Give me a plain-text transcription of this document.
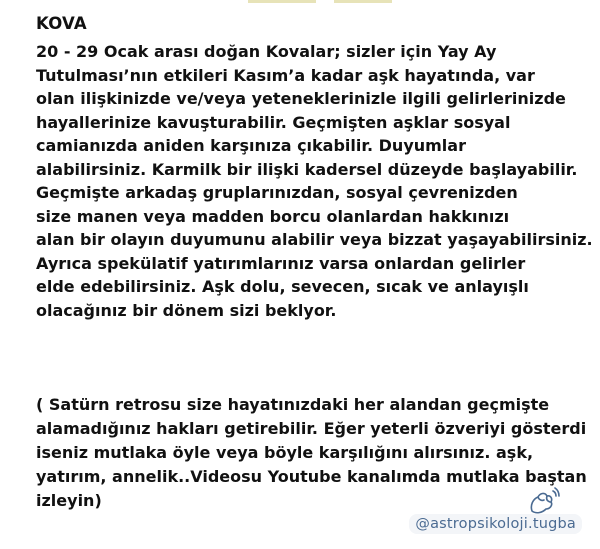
KOVA
20 - 29 Ocak arası doğan Kovalar; sizler için Yay Ay
Tutulması’nın etkileri Kasım’a kadar aşk hayatında, var
olan ilişkinizde ve/veya yeteneklerinizle ilgili gelirlerinizde
hayallerinize kavuşturabilir. Geçmişten aşklar sosyal
camianızda aniden karşınıza çıkabilir. Duyumlar
alabilirsiniz. Karmilk bir ilişki kadersel düzeyde başlayabilir.
Geçmişte arkadaş gruplarınızdan, sosyal çevrenizden
size manen veya madden borcu olanlardan hakkınızı
alan bir olayın duyumunu alabilir veya bizzat yaşayabilirsiniz.
Ayrıca spekülatif yatırımlarınız varsa onlardan gelirler
elde edebilirsiniz. Aşk dolu, sevecen, sıcak ve anlayışlı
olacağınız bir dönem sizi beklyor.
( Satürn retrosu size hayatınızdaki her alandan geçmişte
alamadığınız hakları getirebilir. Eğer yeterli özveriyi gösterdi
iseniz mutlaka öyle veya böyle karşılığını alırsınız. aşk,
yatırım, annelik..Videosu Youtube kanalımda mutlaka baştan
izleyin)
@astropsikoloji.tugba
